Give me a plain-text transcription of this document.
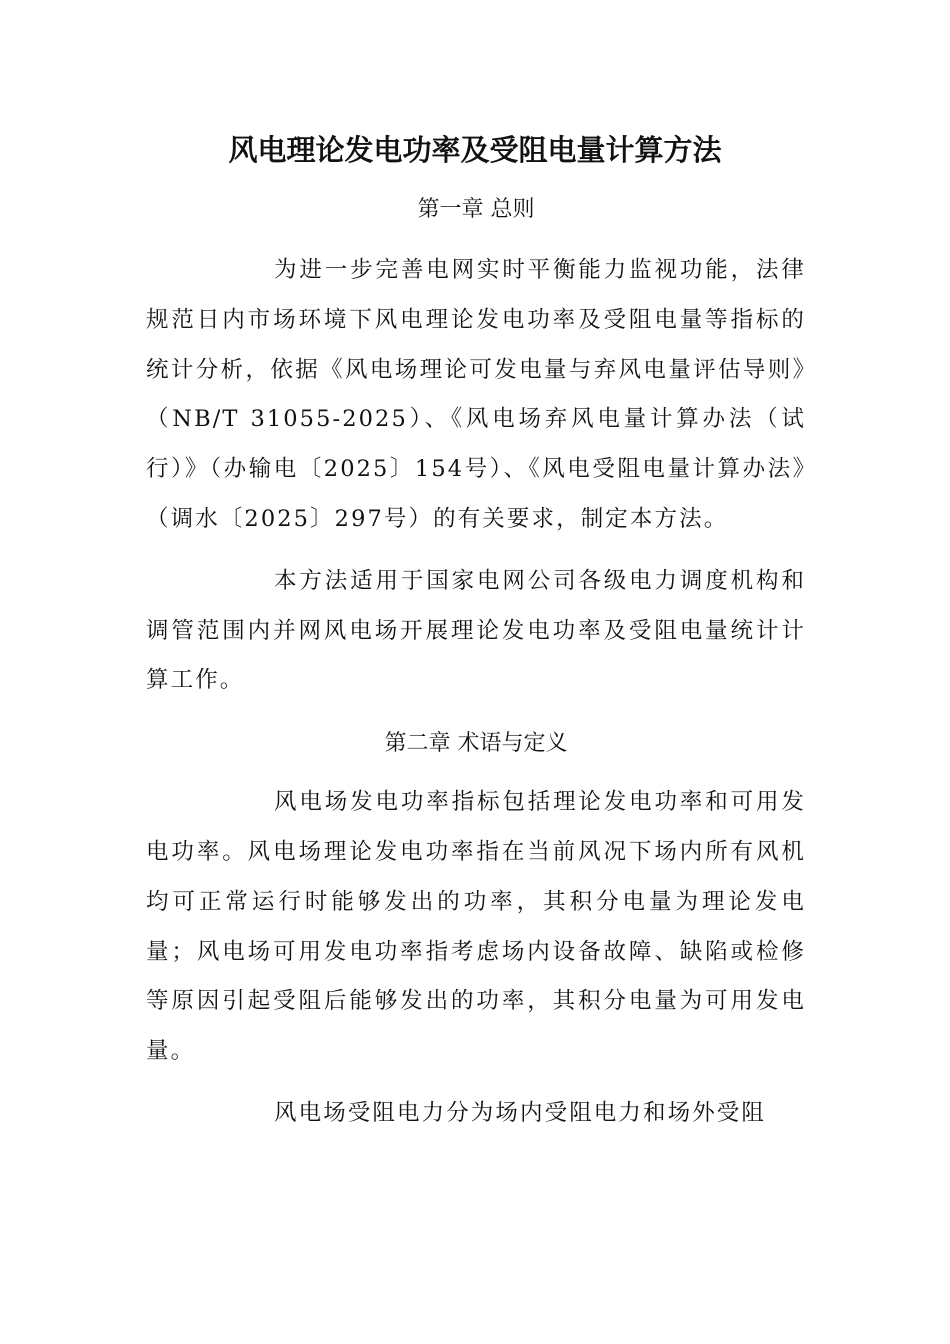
风电理论发电功率及受阻电量计算方法
第一章 总则

为进一步完善电网实时平衡能力监视功能，法律规范日内市场环境下风电理论发电功率及受阻电量等指标的统计分析，依据《风电场理论可发电量与弃风电量评估导则》（NB/T 31055-2025）、《风电场弃风电量计算办法（试行）》（办输电〔2025〕154号）、《风电受阻电量计算办法》（调水〔2025〕297号）的有关要求，制定本方法。

本方法适用于国家电网公司各级电力调度机构和调管范围内并网风电场开展理论发电功率及受阻电量统计计算工作。

第二章 术语与定义

风电场发电功率指标包括理论发电功率和可用发电功率。风电场理论发电功率指在当前风况下场内所有风机均可正常运行时能够发出的功率，其积分电量为理论发电量；风电场可用发电功率指考虑场内设备故障、缺陷或检修等原因引起受阻后能够发出的功率，其积分电量为可用发电量。

风电场受阻电力分为场内受阻电力和场外受阻
